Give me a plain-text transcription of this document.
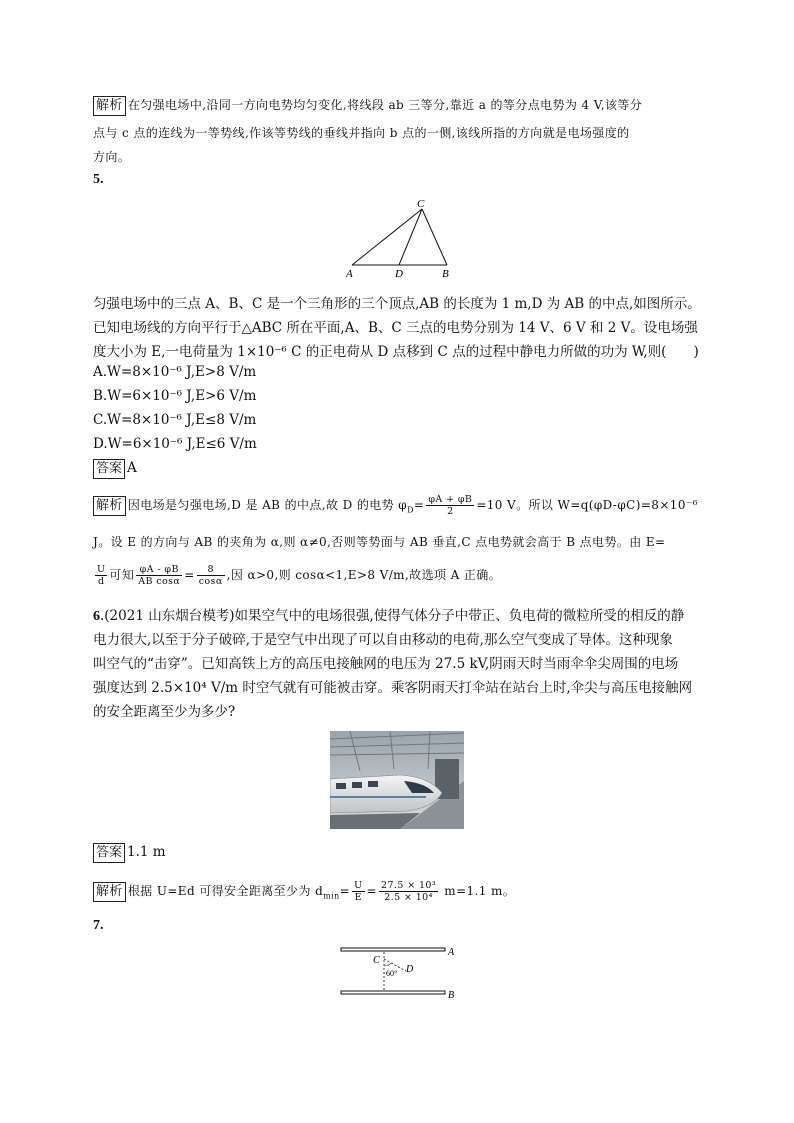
解析 在匀强电场中,沿同一方向电势均匀变化,将线段 ab 三等分,靠近 a 的等分点电势为 4 V,该等分
点与 c 点的连线为一等势线,作该等势线的垂线并指向 b 点的一侧,该线所指的方向就是电场强度的
方向。
5.
C
A	D	B
匀强电场中的三点 A、B、C 是一个三角形的三个顶点,AB 的长度为 1 m,D 为 AB 的中点,如图所示。
已知电场线的方向平行于△ABC 所在平面,A、B、C 三点的电势分别为 14 V、6 V 和 2 V。设电场强
度大小为 E,一电荷量为 1×10⁻⁶ C 的正电荷从 D 点移到 C 点的过程中静电力所做的功为 W,则(　　)
A.W=8×10⁻⁶ J,E>8 V/m
B.W=6×10⁻⁶ J,E>6 V/m
C.W=8×10⁻⁶ J,E≤8 V/m
D.W=6×10⁻⁶ J,E≤6 V/m
答案 A
解析 因电场是匀强电场,D 是 AB 的中点,故 D 的电势 $\varphi_D= \frac{\varphi A + \varphi B}{2} =10$ V。所以 W=q(φD-φC)=8×10⁻⁶
J。设 E 的方向与 AB 的夹角为 α,则 α≠0,否则等势面与 AB 垂直,C 点电势就会高于 B 点电势。由 E=
$\frac{U}{d}$ 可知 $\frac{\varphi A - \varphi B}{\text{AB cosα}} = \frac{8}{\cos\alpha}$ ,因 α>0,则 cosα<1,E>8 V/m,故选项 A 正确。
6.(2021 山东烟台模考)如果空气中的电场很强,使得气体分子中带正、负电荷的微粒所受的相反的静
电力很大,以至于分子破碎,于是空气中出现了可以自由移动的电荷,那么空气变成了导体。这种现象
叫空气的“击穿”。已知高铁上方的高压电接触网的电压为 27.5 kV,阴雨天时当雨伞伞尖周围的电场
强度达到 2.5×10⁴ V/m 时空气就有可能被击穿。乘客阴雨天打伞站在站台上时,伞尖与高压电接触网
的安全距离至少为多少?
答案 1.1 m
解析 根据 U=Ed 可得安全距离至少为 $d_{min}= \frac{U}{E} = \frac{\text{27.5 × 10³}}{\text{2.5 × 10⁴}} m=1.1$ m。
7.
A
B
C
D
60°
